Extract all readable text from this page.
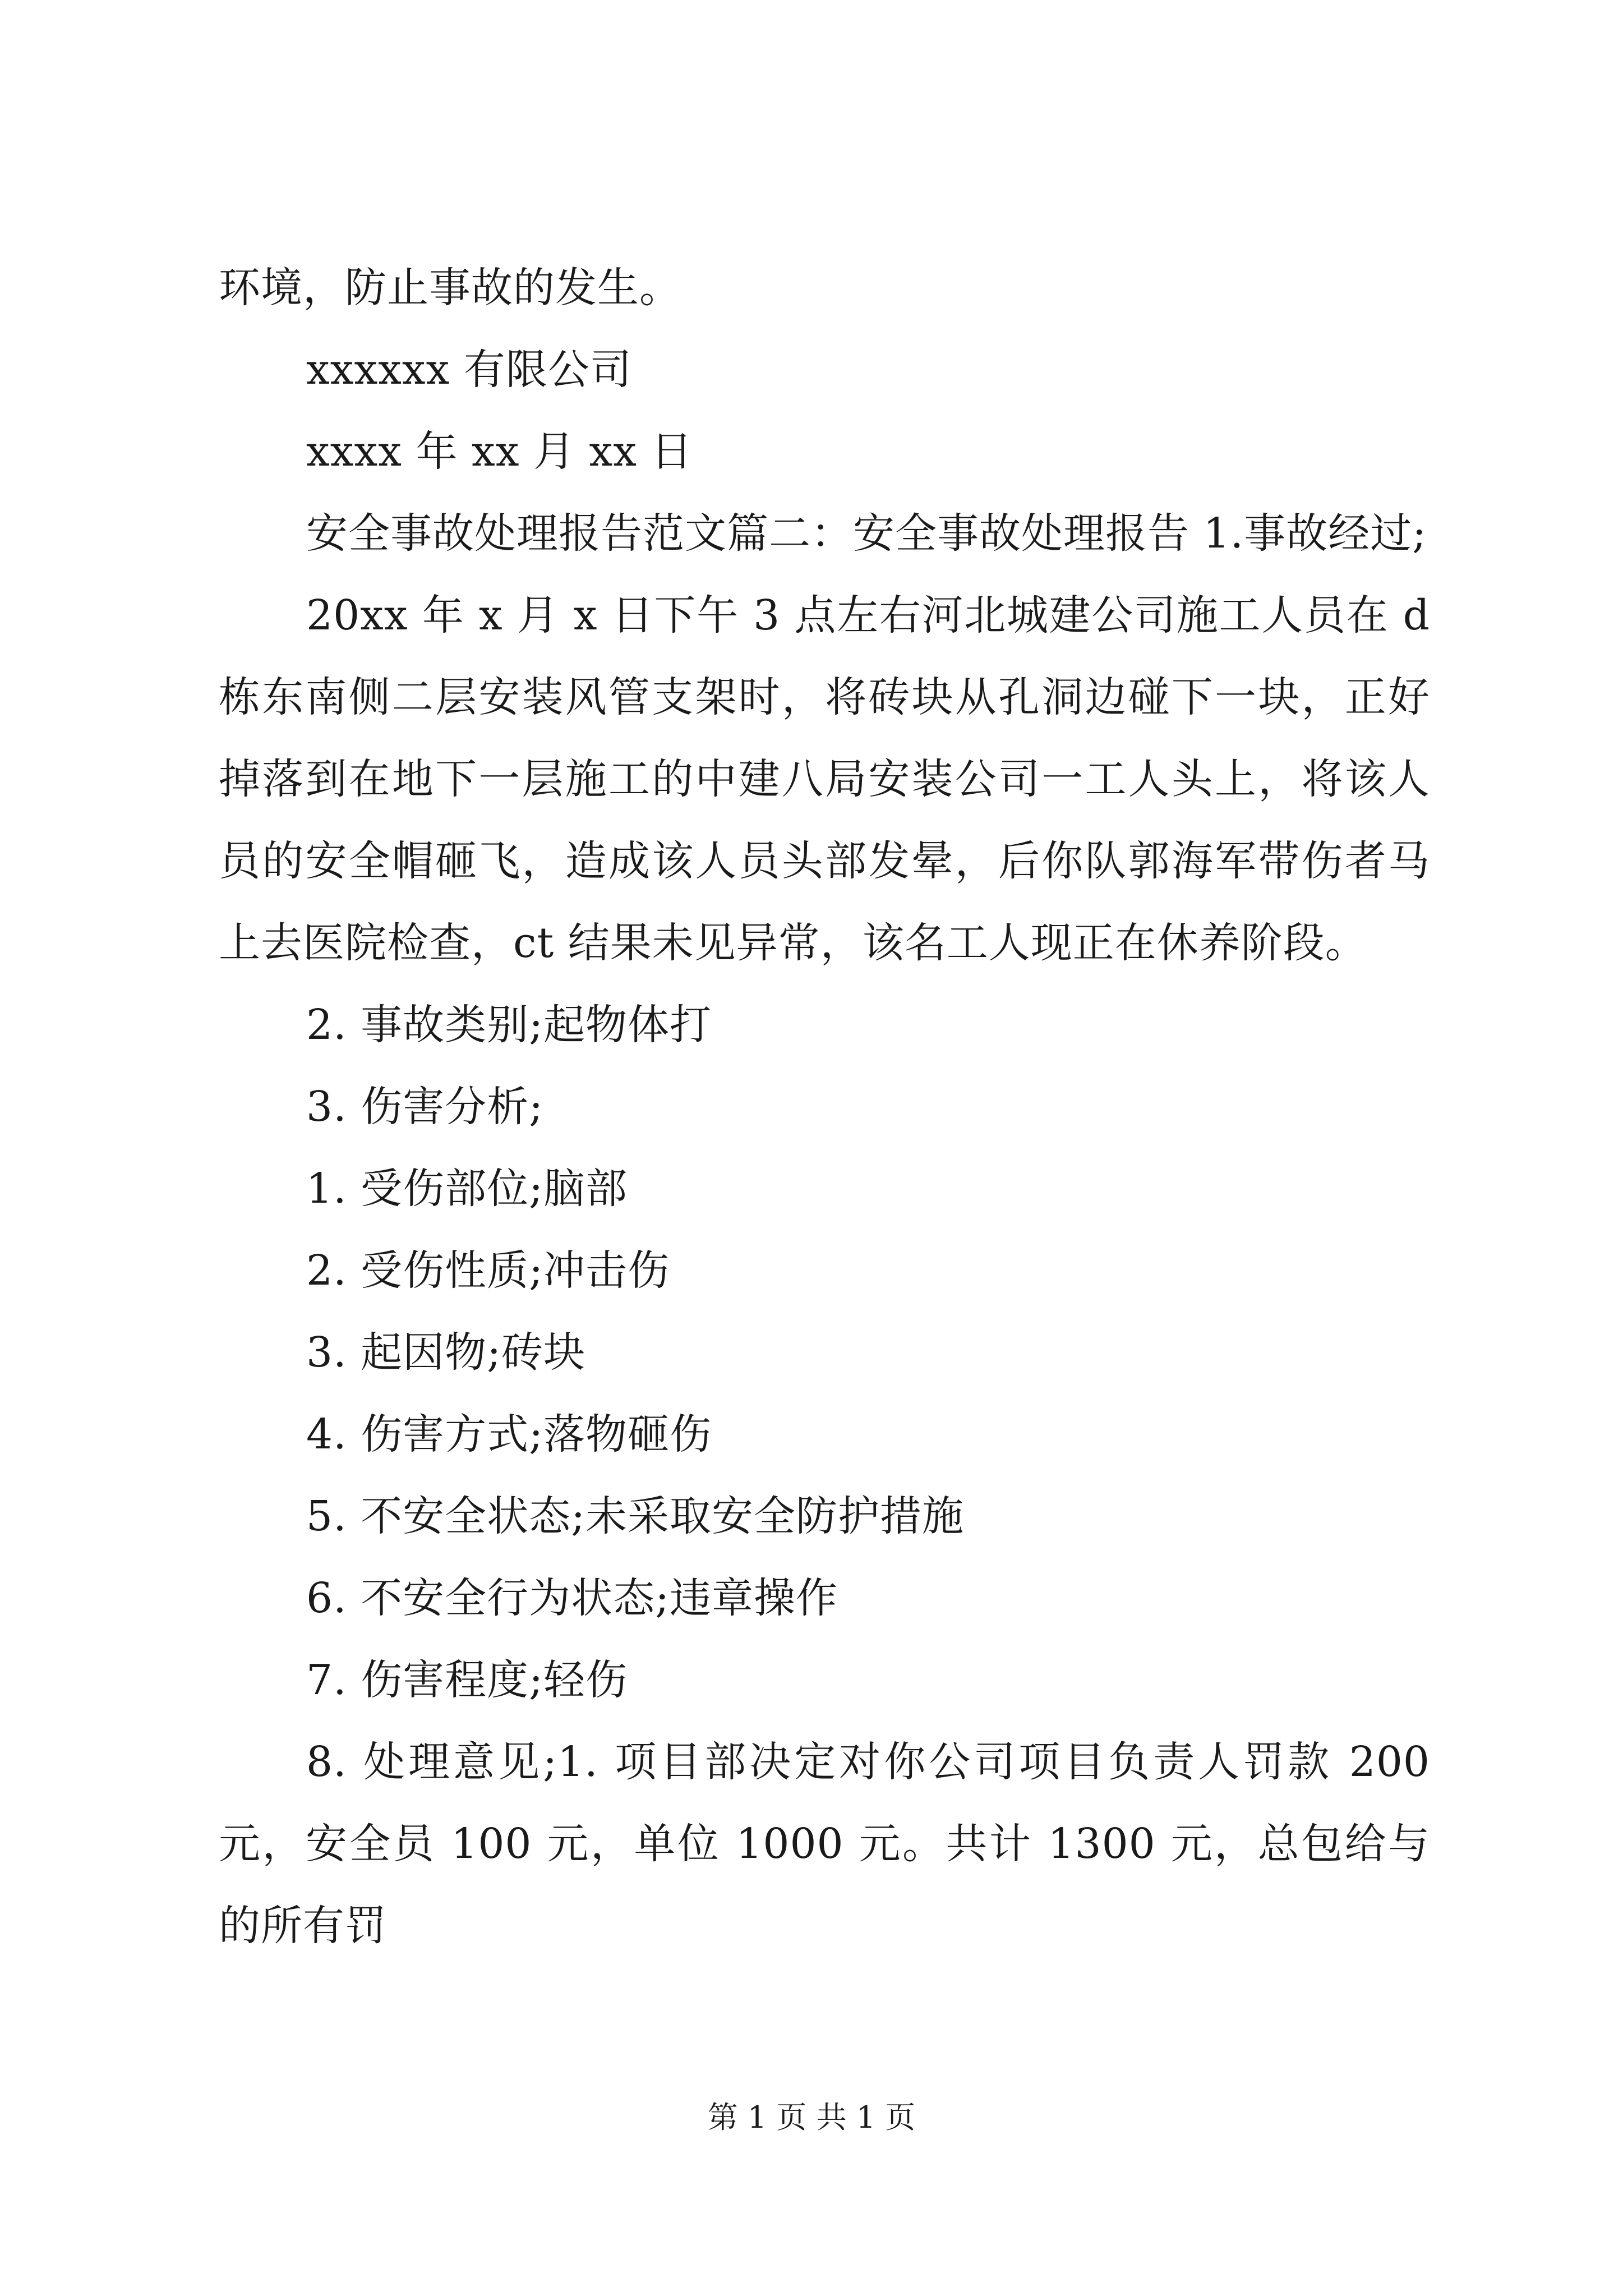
环境，防止事故的发生。

xxxxxx 有限公司

xxxx 年 xx 月 xx 日

安全事故处理报告范文篇二：安全事故处理报告 1.事故经过;

20xx 年 x 月 x 日下午 3 点左右河北城建公司施工人员在 d 栋东南侧二层安装风管支架时，将砖块从孔洞边碰下一块，正好掉落到在地下一层施工的中建八局安装公司一工人头上，将该人员的安全帽砸飞，造成该人员头部发晕，后你队郭海军带伤者马上去医院检查，ct 结果未见异常，该名工人现正在休养阶段。

2. 事故类别;起物体打

3. 伤害分析;

1. 受伤部位;脑部

2. 受伤性质;冲击伤

3. 起因物;砖块

4. 伤害方式;落物砸伤

5. 不安全状态;未采取安全防护措施

6. 不安全行为状态;违章操作

7. 伤害程度;轻伤

8. 处理意见;1. 项目部决定对你公司项目负责人罚款 200 元，安全员 100 元，单位 1000 元。共计 1300 元，总包给与的所有罚

第 1 页 共 1 页
